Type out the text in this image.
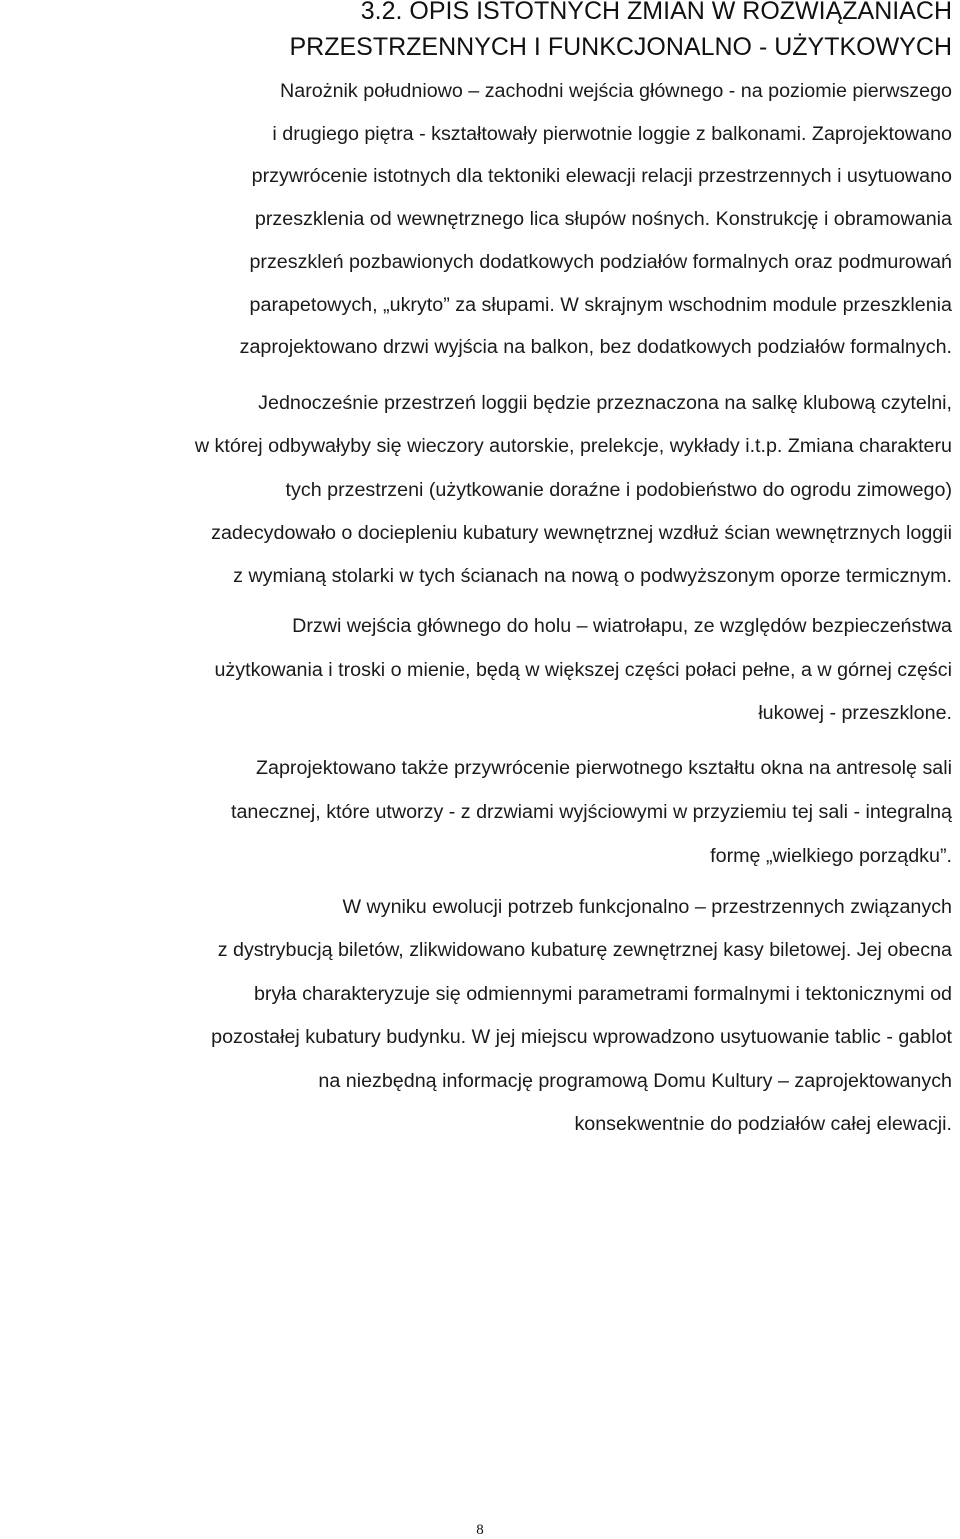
3.2. OPIS ISTOTNYCH ZMIAN W ROZWIĄZANIACH
PRZESTRZENNYCH I FUNKCJONALNO - UŻYTKOWYCH
Narożnik południowo – zachodni wejścia głównego - na poziomie pierwszego
i drugiego piętra - kształtowały pierwotnie loggie z balkonami. Zaprojektowano
przywrócenie istotnych dla tektoniki elewacji relacji przestrzennych i usytuowano
przeszklenia od wewnętrznego lica słupów nośnych. Konstrukcję i obramowania
przeszkleń pozbawionych dodatkowych podziałów formalnych oraz podmurowań
parapetowych, „ukryto” za słupami. W skrajnym wschodnim module przeszklenia
zaprojektowano drzwi wyjścia na balkon, bez dodatkowych podziałów formalnych.
Jednocześnie przestrzeń loggii będzie przeznaczona na salkę klubową czytelni,
w której odbywałyby się wieczory autorskie, prelekcje, wykłady i.t.p. Zmiana charakteru
tych przestrzeni (użytkowanie doraźne i podobieństwo do ogrodu zimowego)
zadecydowało o dociepleniu kubatury wewnętrznej wzdłuż ścian wewnętrznych loggii
z wymianą stolarki w tych ścianach na nową o podwyższonym oporze termicznym.
Drzwi wejścia głównego do holu – wiatrołapu, ze względów bezpieczeństwa
użytkowania i troski o mienie, będą w większej części połaci pełne, a w górnej części
łukowej - przeszklone.
Zaprojektowano także przywrócenie pierwotnego kształtu okna na antresolę sali
tanecznej, które utworzy - z drzwiami wyjściowymi w przyziemiu tej sali - integralną
formę „wielkiego porządku”.
W wyniku ewolucji potrzeb funkcjonalno – przestrzennych związanych
z dystrybucją biletów, zlikwidowano kubaturę zewnętrznej kasy biletowej. Jej obecna
bryła charakteryzuje się odmiennymi parametrami formalnymi i tektonicznymi od
pozostałej kubatury budynku. W jej miejscu wprowadzono usytuowanie tablic - gablot
na niezbędną informację programową Domu Kultury – zaprojektowanych
konsekwentnie do podziałów całej elewacji.
8
